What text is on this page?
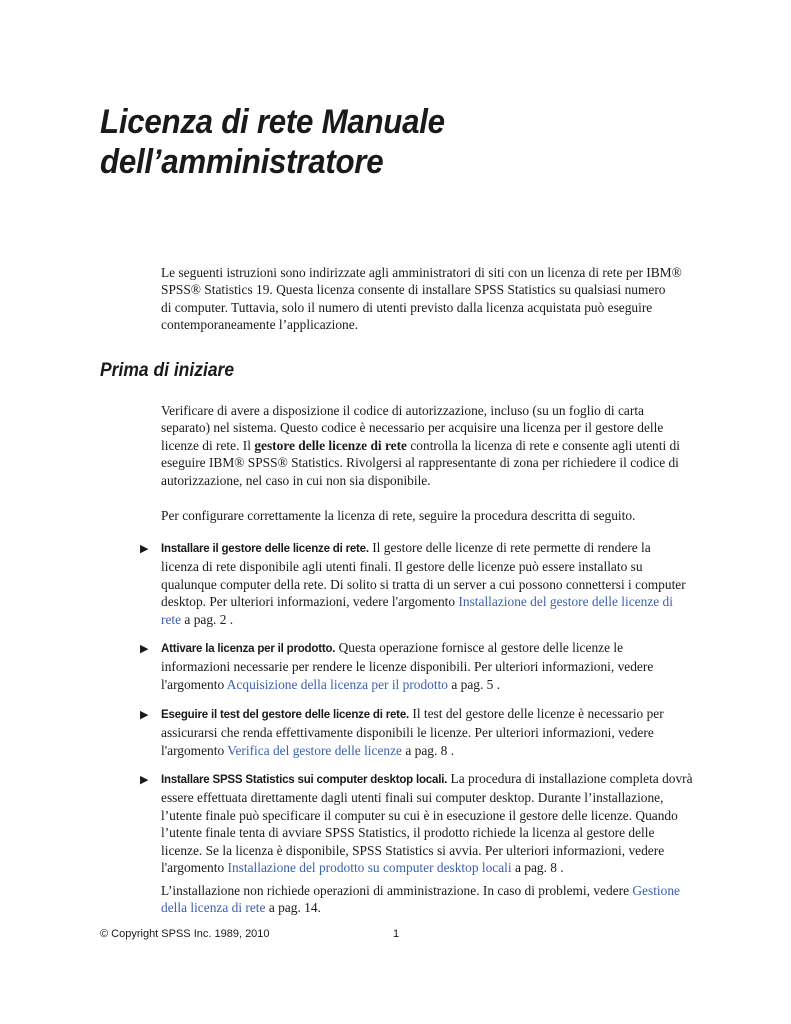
Licenza di rete Manuale
dell’amministratore

Le seguenti istruzioni sono indirizzate agli amministratori di siti con un licenza di rete per IBM®
SPSS® Statistics 19. Questa licenza consente di installare SPSS Statistics su qualsiasi numero
di computer. Tuttavia, solo il numero di utenti previsto dalla licenza acquistata può eseguire
contemporaneamente l’applicazione.

Prima di iniziare

Verificare di avere a disposizione il codice di autorizzazione, incluso (su un foglio di carta
separato) nel sistema. Questo codice è necessario per acquisire una licenza per il gestore delle
licenze di rete. Il gestore delle licenze di rete controlla la licenza di rete e consente agli utenti di
eseguire IBM® SPSS® Statistics. Rivolgersi al rappresentante di zona per richiedere il codice di
autorizzazione, nel caso in cui non sia disponibile.

Per configurare correttamente la licenza di rete, seguire la procedura descritta di seguito.

▶ Installare il gestore delle licenze di rete. Il gestore delle licenze di rete permette di rendere la
licenza di rete disponibile agli utenti finali. Il gestore delle licenze può essere installato su
qualunque computer della rete. Di solito si tratta di un server a cui possono connettersi i computer
desktop. Per ulteriori informazioni, vedere l'argomento Installazione del gestore delle licenze di
rete a pag. 2 .

▶ Attivare la licenza per il prodotto. Questa operazione fornisce al gestore delle licenze le
informazioni necessarie per rendere le licenze disponibili. Per ulteriori informazioni, vedere
l'argomento Acquisizione della licenza per il prodotto a pag. 5 .

▶ Eseguire il test del gestore delle licenze di rete. Il test del gestore delle licenze è necessario per
assicurarsi che renda effettivamente disponibili le licenze. Per ulteriori informazioni, vedere
l'argomento Verifica del gestore delle licenze a pag. 8 .

▶ Installare SPSS Statistics sui computer desktop locali. La procedura di installazione completa dovrà
essere effettuata direttamente dagli utenti finali sui computer desktop. Durante l’installazione,
l’utente finale può specificare il computer su cui è in esecuzione il gestore delle licenze. Quando
l’utente finale tenta di avviare SPSS Statistics, il prodotto richiede la licenza al gestore delle
licenze. Se la licenza è disponibile, SPSS Statistics si avvia. Per ulteriori informazioni, vedere
l'argomento Installazione del prodotto su computer desktop locali a pag. 8 .

L’installazione non richiede operazioni di amministrazione. In caso di problemi, vedere Gestione
della licenza di rete a pag. 14.

© Copyright SPSS Inc. 1989, 2010	1
